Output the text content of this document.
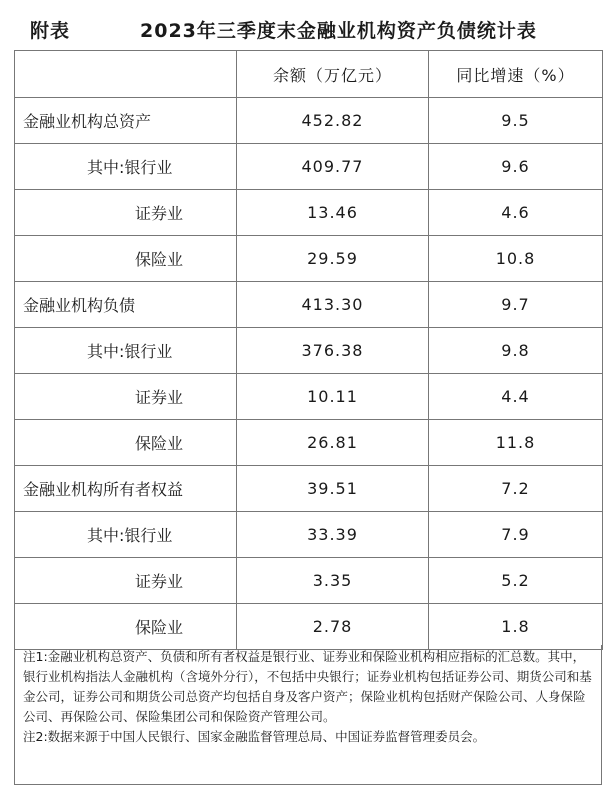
附表	2023年三季度末金融业机构资产负债统计表
	余额（万亿元）	同比增速（%）
金融业机构总资产	452.82	9.5
其中:银行业	409.77	9.6
证券业	13.46	4.6
保险业	29.59	10.8
金融业机构负债	413.30	9.7
其中:银行业	376.38	9.8
证券业	10.11	4.4
保险业	26.81	11.8
金融业机构所有者权益	39.51	7.2
其中:银行业	33.39	7.9
证券业	3.35	5.2
保险业	2.78	1.8

注1:金融业机构总资产、负债和所有者权益是银行业、证券业和保险业机构相应指标的汇总数。其中，银行业机构指法人金融机构（含境外分行），不包括中央银行；证券业机构包括证券公司、期货公司和基金公司，证券公司和期货公司总资产均包括自身及客户资产；保险业机构包括财产保险公司、人身保险公司、再保险公司、保险集团公司和保险资产管理公司。

注2:数据来源于中国人民银行、国家金融监督管理总局、中国证券监督管理委员会。
